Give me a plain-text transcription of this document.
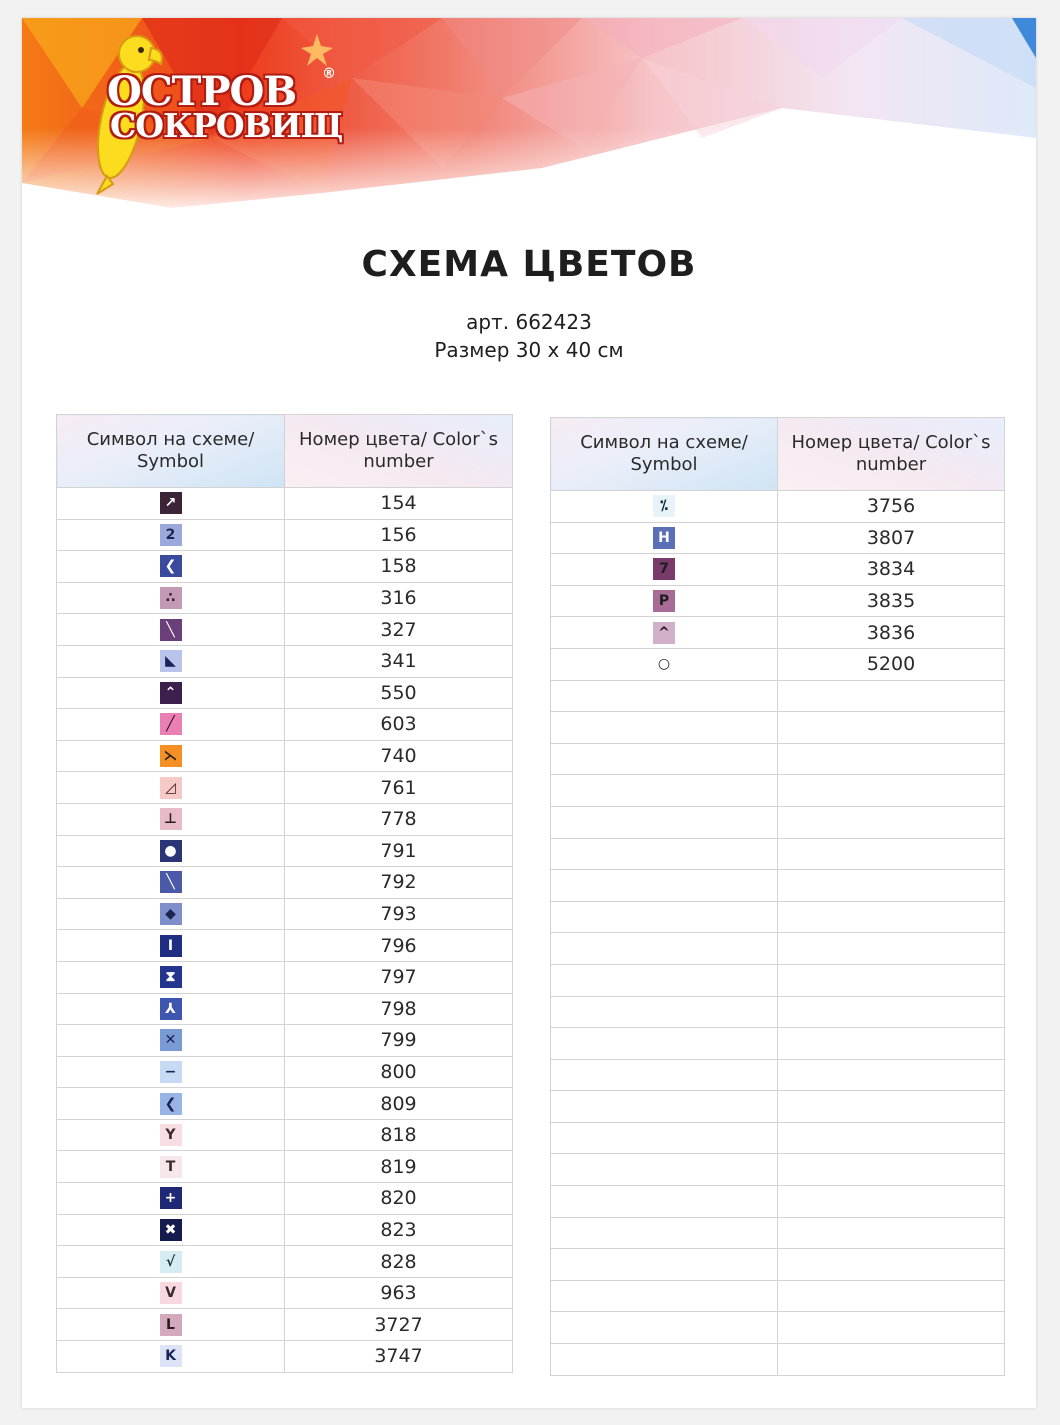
ОСТРОВ
СОКРОВИЩ
®
СХЕМА ЦВЕТОВ
арт. 662423
Размер 30 х 40 см
Символ на схеме/ Symbol	Номер цвета/ Color`s number
↗	154
2	156
❮	158
∴	316
╲	327
◣	341
⌃	550
╱	603
⋋	740
◿	761
⊥	778
●	791
╲	792
◆	793
I	796
⧗	797
⅄	798
✕	799
−	800
❮	809
Y	818
T	819
+	820
✖	823
√	828
V	963
L	3727
K	3747
Символ на схеме/ Symbol	Номер цвета/ Color`s number
⁒	3756
H	3807
7	3834
P	3835
^	3836
○	5200
